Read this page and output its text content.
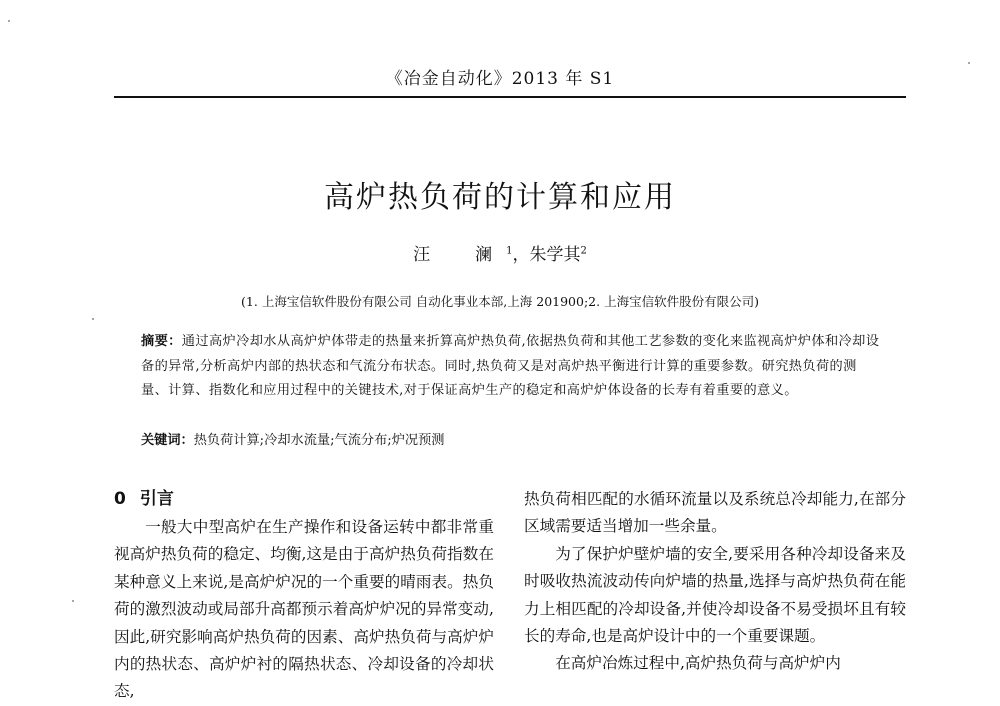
《冶金自动化》2013 年 S1
高炉热负荷的计算和应用
汪　澜$^1$，朱学其$^2$
(1. 上海宝信软件股份有限公司 自动化事业本部,上海 201900;2. 上海宝信软件股份有限公司)
摘要：通过高炉冷却水从高炉炉体带走的热量来折算高炉热负荷,依据热负荷和其他工艺参数的变化来监视高炉炉体和冷却设备的异常,分析高炉内部的热状态和气流分布状态。同时,热负荷又是对高炉热平衡进行计算的重要参数。研究热负荷的测量、计算、指数化和应用过程中的关键技术,对于保证高炉生产的稳定和高炉炉体设备的长寿有着重要的意义。
关键词：热负荷计算;冷却水流量;气流分布;炉况预测
0 引言

一般大中型高炉在生产操作和设备运转中都非常重视高炉热负荷的稳定、均衡,这是由于高炉热负荷指数在某种意义上来说,是高炉炉况的一个重要的晴雨表。热负荷的激烈波动或局部升高都预示着高炉炉况的异常变动,因此,研究影响高炉热负荷的因素、高炉热负荷与高炉炉内的热状态、高炉炉衬的隔热状态、冷却设备的冷却状态,

热负荷相匹配的水循环流量以及系统总冷却能力,在部分区域需要适当增加一些余量。

为了保护炉壁炉墙的安全,要采用各种冷却设备来及时吸收热流波动传向炉墙的热量,选择与高炉热负荷在能力上相匹配的冷却设备,并使冷却设备不易受损坏且有较长的寿命,也是高炉设计中的一个重要课题。

在高炉冶炼过程中,高炉热负荷与高炉炉内
